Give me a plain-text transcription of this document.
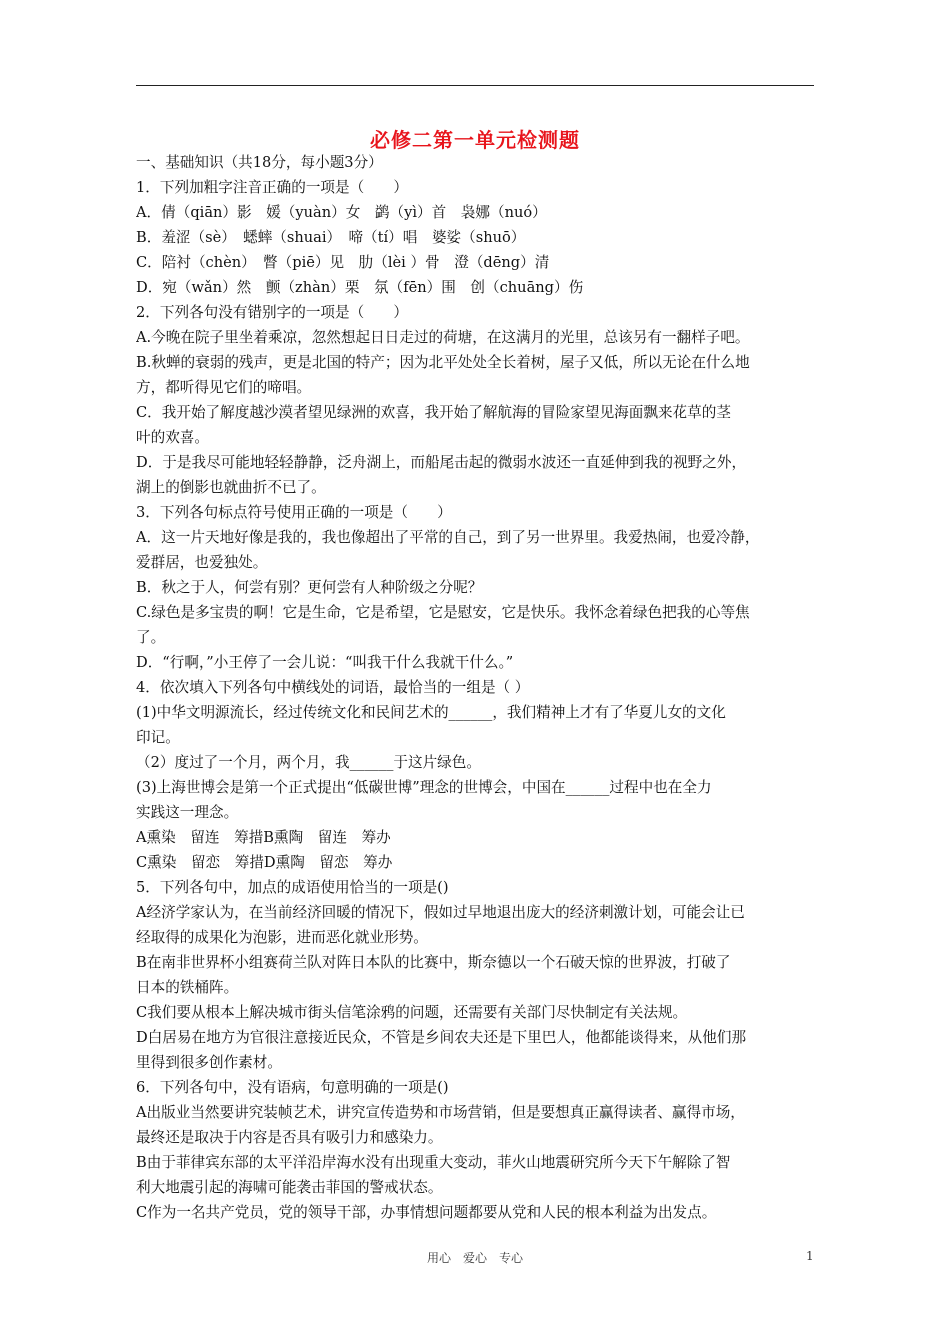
必修二第一单元检测题
一、基础知识（共18分，每小题3分）
1．下列加粗字注音正确的一项是（　　）
A．倩（qiān）影　媛（yuàn）女　鹢（yì）首　袅娜（nuó）
B．羞涩（sè）　蟋蟀（shuai）　啼（tí）唱　婆娑（shuō）
C．陪衬（chèn）　瞥（piē）见　肋（lèi ）骨　澄（dēng）清
D．宛（wǎn）然　颤（zhàn）栗　氛（fēn）围　创（chuāng）伤
2．下列各句没有错别字的一项是（　　）
A.今晚在院子里坐着乘凉，忽然想起日日走过的荷塘，在这满月的光里，总该另有一翻样子吧。
B.秋蝉的衰弱的残声，更是北国的特产；因为北平处处全长着树，屋子又低，所以无论在什么地
方，都听得见它们的啼唱。
C．我开始了解度越沙漠者望见绿洲的欢喜，我开始了解航海的冒险家望见海面飘来花草的茎
叶的欢喜。
D．于是我尽可能地轻轻静静，泛舟湖上，而船尾击起的微弱水波还一直延伸到我的视野之外，
湖上的倒影也就曲折不已了。
3．下列各句标点符号使用正确的一项是（　　）
A．这一片天地好像是我的，我也像超出了平常的自己，到了另一世界里。我爱热闹，也爱冷静，
爱群居，也爱独处。
B．秋之于人，何尝有别？更何尝有人种阶级之分呢？
C.绿色是多宝贵的啊！它是生命，它是希望，它是慰安，它是快乐。我怀念着绿色把我的心等焦
了。
D．“行啊，”小王停了一会儿说：“叫我干什么我就干什么。”
4．依次填入下列各句中横线处的词语，最恰当的一组是（ ）
(1)中华文明源流长，经过传统文化和民间艺术的______，我们精神上才有了华夏儿女的文化
印记。
（2）度过了一个月，两个月，我______于这片绿色。
(3)上海世博会是第一个正式提出“低碳世博”理念的世博会，中国在______过程中也在全力
实践这一理念。
A熏染　留连　筹措B熏陶　留连　筹办
C熏染　留恋　筹措D熏陶　留恋　筹办
5．下列各句中，加点的成语使用恰当的一项是()
A经济学家认为，在当前经济回暖的情况下，假如过早地退出庞大的经济刺激计划，可能会让已
经取得的成果化为泡影，进而恶化就业形势。
B在南非世界杯小组赛荷兰队对阵日本队的比赛中，斯奈德以一个石破天惊的世界波，打破了
日本的铁桶阵。
C我们要从根本上解决城市街头信笔涂鸦的问题，还需要有关部门尽快制定有关法规。
D白居易在地方为官很注意接近民众，不管是乡间农夫还是下里巴人，他都能谈得来，从他们那
里得到很多创作素材。
6．下列各句中，没有语病，句意明确的一项是()
A出版业当然要讲究装帧艺术，讲究宣传造势和市场营销，但是要想真正赢得读者、赢得市场，
最终还是取决于内容是否具有吸引力和感染力。
B由于菲律宾东部的太平洋沿岸海水没有出现重大变动，菲火山地震研究所今天下午解除了智
利大地震引起的海啸可能袭击菲国的警戒状态。
C作为一名共产党员，党的领导干部，办事情想问题都要从党和人民的根本利益为出发点。
用心　爱心　专心	1
